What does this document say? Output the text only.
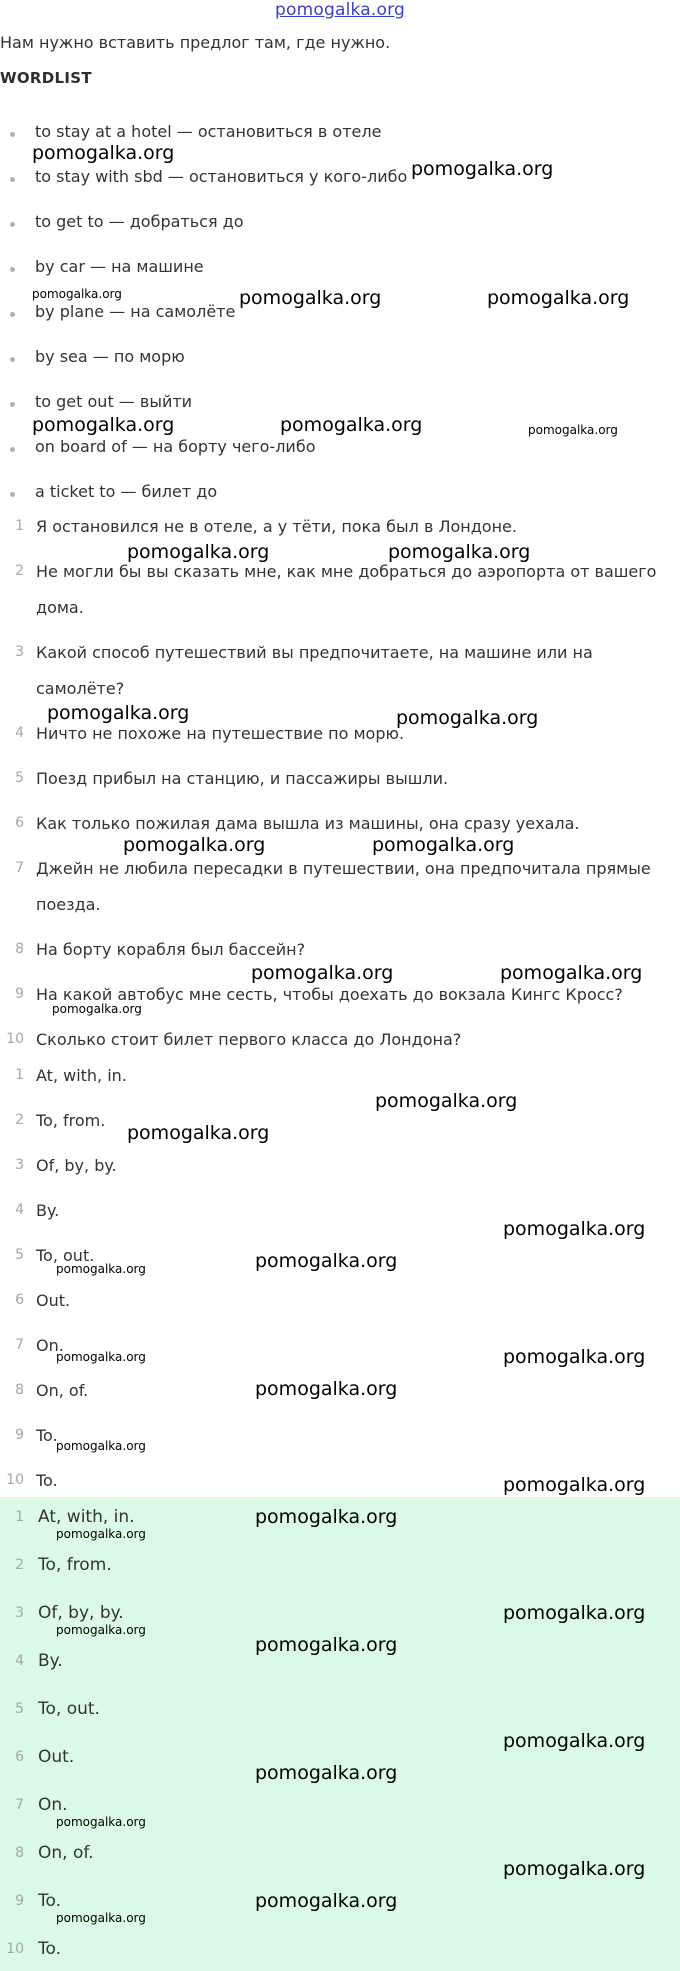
pomogalka.org
Нам нужно вставить предлог там, где нужно.
WORDLIST
to stay at a hotel — остановиться в отеле
to stay with sbd — остановиться у кого-либо
to get to — добраться до
by car — на машине
by plane — на самолёте
by sea — по морю
to get out — выйти
on board of — на борту чего-либо
a ticket to — билет до
1 Я остановился не в отеле, а у тёти, пока был в Лондоне.
2 Не могли бы вы сказать мне, как мне добраться до аэропорта от вашего
дома.
3 Какой способ путешествий вы предпочитаете, на машине или на
самолёте?
4 Ничто не похоже на путешествие по морю.
5 Поезд прибыл на станцию, и пассажиры вышли.
6 Как только пожилая дама вышла из машины, она сразу уехала.
7 Джейн не любила пересадки в путешествии, она предпочитала прямые
поезда.
8 На борту корабля был бассейн?
9 На какой автобус мне сесть, чтобы доехать до вокзала Кингс Кросс?
10 Сколько стоит билет первого класса до Лондона?
1 At, with, in.
2 To, from.
3 Of, by, by.
4 By.
5 To, out.
6 Out.
7 On.
8 On, of.
9 To.
10 To.
1 At, with, in.
2 To, from.
3 Of, by, by.
4 By.
5 To, out.
6 Out.
7 On.
8 On, of.
9 To.
10 To.
pomogalka.org
pomogalka.org
pomogalka.org	pomogalka.org	pomogalka.org
pomogalka.org	pomogalka.org	pomogalka.org
pomogalka.org	pomogalka.org
pomogalka.org	pomogalka.org
pomogalka.org	pomogalka.org
pomogalka.org	pomogalka.org
pomogalka.org
pomogalka.org
pomogalka.org
pomogalka.org
pomogalka.org
pomogalka.org
pomogalka.org	pomogalka.org
pomogalka.org
pomogalka.org
pomogalka.org
pomogalka.org
pomogalka.org
pomogalka.org
pomogalka.org
pomogalka.org
pomogalka.org
pomogalka.org
pomogalka.org
pomogalka.org
pomogalka.org
pomogalka.org
